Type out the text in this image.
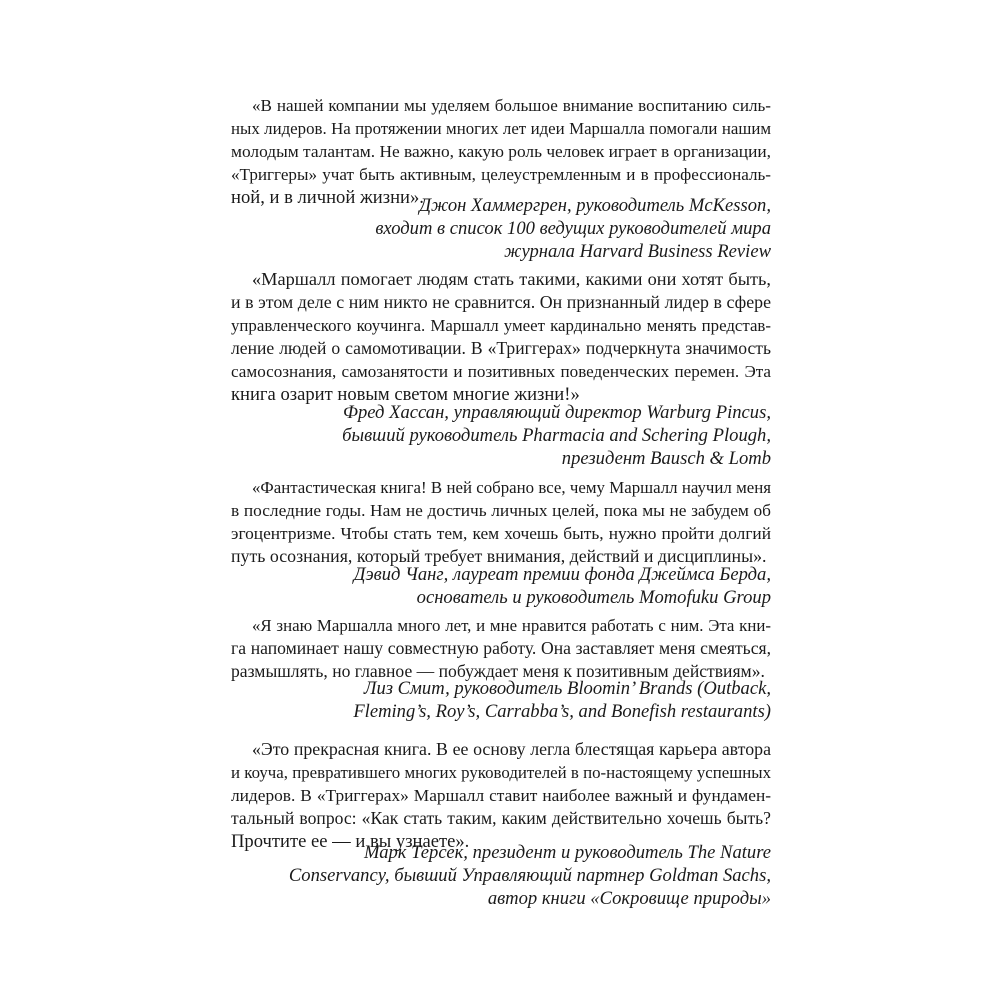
«В нашей компании мы уделяем бoльшое внимание воспитанию силь-
ных лидеров. На протяжении многих лет идеи Маршалла помогали нашим
молодым талантам. Не важно, какую роль человек играет в организации,
«Триггеры» учат быть активным, целеустремленным и в профессиональ-
ной, и в личной жизни».
Джон Хаммергрен, руководитель McKesson,
входит в список 100 ведущих руководителей мира
журнала Harvard Business Review
«Маршалл помогает людям стать такими, какими они хотят быть,
и в этом деле с ним никто не сравнится. Он признанный лидер в сфере
управленческого коучинга. Маршалл умеет кардинально менять представ-
ление людей о самомотивации. В «Триггерах» подчеркнута значимость
самосознания, самозанятости и позитивных поведенческих перемен. Эта
книга озарит новым светом многие жизни!»
Фред Хассан, управляющий директор Warburg Pincus,
бывший руководитель Pharmacia and Schering Plough,
президент Bausch & Lomb
«Фантастическая книга! В ней собрано все, чему Маршалл научил меня
в последние годы. Нам не достичь личных целей, пока мы не забудем об
эгоцентризме. Чтобы стать тем, кем хочешь быть, нужно пройти долгий
путь осознания, который требует внимания, действий и дисциплины».
Дэвид Чанг, лауреат премии фонда Джеймса Берда,
основатель и руководитель Momofuku Group
«Я знаю Маршалла много лет, и мне нравится работать с ним. Эта кни-
га напоминает нашу совместную работу. Она заставляет меня смеяться,
размышлять, но главное — побуждает меня к позитивным действиям».
Лиз Смит, руководитель Bloomin’ Brands (Outback,
Fleming’s, Roy’s, Carrabba’s, and Bonefish restaurants)
«Это прекрасная книга. В ее основу легла блестящая карьера автора
и коуча, превратившего многих руководителей в по-настоящему успешных
лидеров. В «Триггерах» Маршалл ставит наиболее важный и фундамен-
тальный вопрос: «Как стать таким, каким действительно хочешь быть?
Прочтите ее — и вы узнаете».
Марк Терсек, президент и руководитель The Nature
Conservancy, бывший Управляющий партнер Goldman Sachs,
автор книги «Сокровище природы»
